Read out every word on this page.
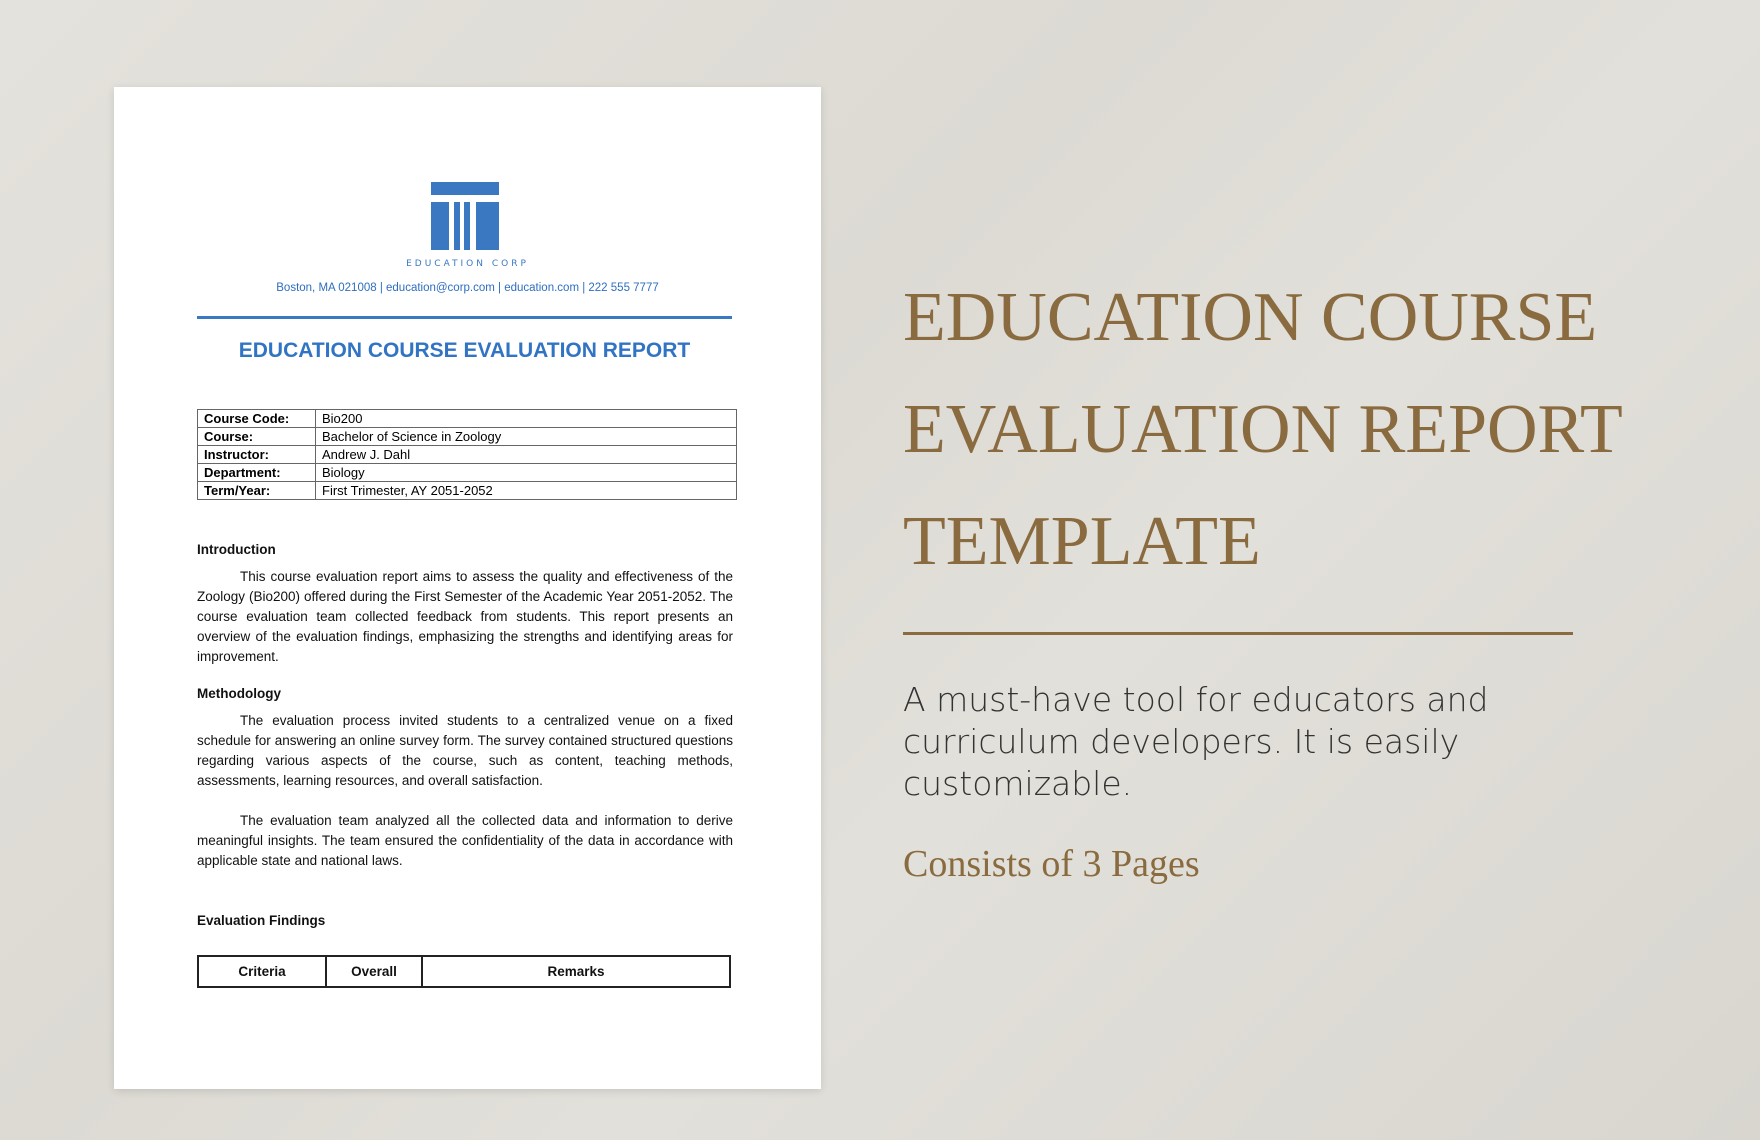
EDUCATION CORP
Boston, MA 021008 | education@corp.com | education.com | 222 555 7777
EDUCATION COURSE EVALUATION REPORT
Course Code:	Bio200
Course:	Bachelor of Science in Zoology
Instructor:	Andrew J. Dahl
Department:	Biology
Term/Year:	First Trimester, AY 2051-2052
Introduction
This course evaluation report aims to assess the quality and effectiveness of the Zoology (Bio200) offered during the First Semester of the Academic Year 2051-2052. The course evaluation team collected feedback from students. This report presents an overview of the evaluation findings, emphasizing the strengths and identifying areas for improvement.
Methodology
The evaluation process invited students to a centralized venue on a fixed schedule for answering an online survey form. The survey contained structured questions regarding various aspects of the course, such as content, teaching methods, assessments, learning resources, and overall satisfaction.
The evaluation team analyzed all the collected data and information to derive meaningful insights. The team ensured the confidentiality of the data in accordance with applicable state and national laws.
Evaluation Findings
Criteria	Overall	Remarks
EDUCATION COURSE EVALUATION REPORT TEMPLATE
A must-have tool for educators and curriculum developers. It is easily customizable.
Consists of 3 Pages
